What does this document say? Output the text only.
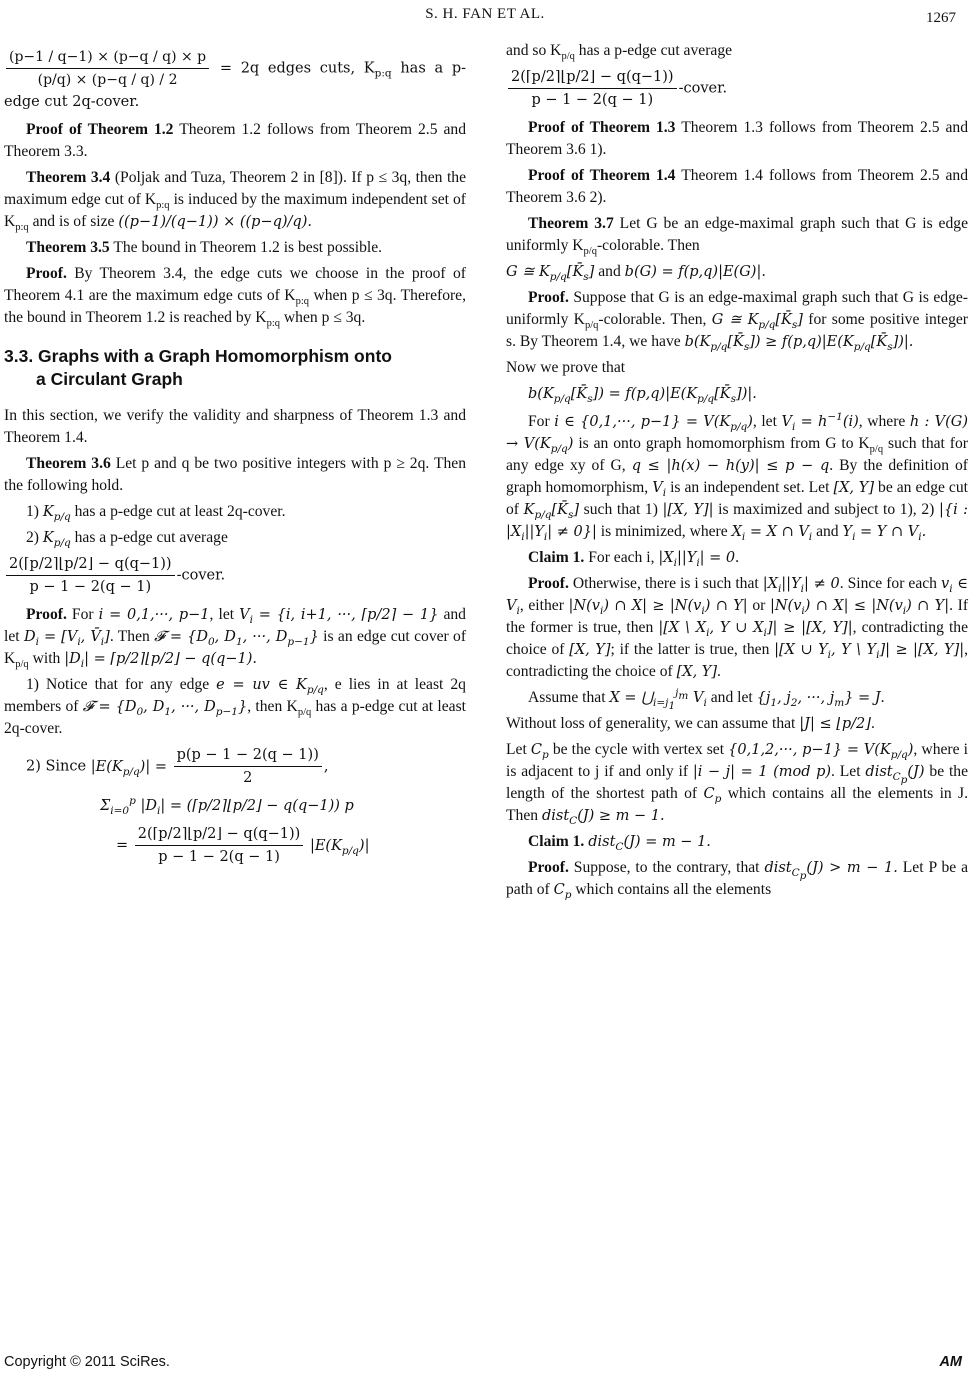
S. H. FAN ET AL.	1267
$\frac{(p-1 / q-1) \times (p-q / q) \times p}{(p/q) \times (p-q / q) / 2} = 2q$ edges cuts, $K_{p:q}$ has a p-edge cut 2q-cover.

Proof of Theorem 1.2 Theorem 1.2 follows from Theorem 2.5 and Theorem 3.3.

Theorem 3.4 (Poljak and Tuza, Theorem 2 in [8]). If p ≤ 3q, then the maximum edge cut of $K_{p:q}$ is induced by the maximum independent set of $K_{p:q}$ and is of size ((p−1)/(q−1)) × ((p−q)/q).

Theorem 3.5 The bound in Theorem 1.2 is best possible.

Proof. By Theorem 3.4, the edge cuts we choose in the proof of Theorem 4.1 are the maximum edge cuts of $K_{p:q}$ when p ≤ 3q. Therefore, the bound in Theorem 1.2 is reached by $K_{p:q}$ when p ≤ 3q.

3.3. Graphs with a Graph Homomorphism onto
a Circulant Graph

In this section, we verify the validity and sharpness of Theorem 1.3 and Theorem 1.4.

Theorem 3.6 Let p and q be two positive integers with p ≥ 2q. Then the following hold.

1) $K_{p/q}$ has a p-edge cut at least 2q-cover.

2) $K_{p/q}$ has a p-edge cut average

$\frac{2(⌈p/2⌉⌊p/2⌋ - q(q-1))}{p - 1 - 2(q - 1)}$ -cover.

Proof. For i = 0,1,···, p−1, let $V_i = \{i$, i+1, ···, ⌈p/2⌉ − 1} and let $D_i = [V_i$, $V̄_i$]. Then 𝓕 = {$D_0$, $D_1$, ···, $D_{p-1}$} is an edge cut cover of $K_{p/q}$ with $|D_i|$ = ⌈p/2⌉⌊p/2⌋ − q(q−1).

1) Notice that for any edge e = uv ∈ $K_{p/q}$, e lies in at least 2q members of 𝓕 = {$D_0$, $D_1$, ···, $D_{p-1}$}, then $K_{p/q}$ has a p-edge cut at least 2q-cover.

2) Since $|E(K_{p/q})| = \frac{p(p - 1 - 2(q - 1))}{2}$ ,
$\Sigma_{i=0}^p$ $|D_i|$ = (⌈p/2⌉⌊p/2⌋ − q(q−1)) p
= $\frac{2(⌈p/2⌉⌊p/2⌋ - q(q-1))}{p - 1 - 2(q - 1)} |E(K_{p/q})|$

and so $K_{p/q}$ has a p-edge cut average

$\frac{2(⌈p/2⌉⌊p/2⌋ - q(q-1))}{p - 1 - 2(q - 1)}$ -cover.

Proof of Theorem 1.3 Theorem 1.3 follows from Theorem 2.5 and Theorem 3.6 1).

Proof of Theorem 1.4 Theorem 1.4 follows from Theorem 2.5 and Theorem 3.6 2).

Theorem 3.7 Let G be an edge-maximal graph such that G is edge uniformly $K_{p/q}$-colorable. Then

G ≅ $K_{p/q}[K̄_s]$ and b(G) = f(p,q)|E(G)|.

Proof. Suppose that G is an edge-maximal graph such that G is edge-uniformly $K_{p/q}$-colorable. Then, G ≅ $K_{p/q}[K̄_s]$ for some positive integer s. By Theorem 1.4, we have $b(K_{p/q}[K̄_s])$ ≥ $f(p,q)|E(K_{p/q}[K̄_s])|$.

Now we prove that

$b(K_{p/q}[K̄_s])$ = $f(p,q)|E(K_{p/q}[K̄_s])|$.

For i ∈ {0,1,···, $p-1\} = V(K_{p/q})$, let $V_i = h^{-1}(i)$, where h : $V(G) \to V(K_{p/q})$ is an onto graph homomorphism from G to $K_{p/q}$ such that for any edge xy of G, q ≤ |h(x) − h(y)| ≤ p − q. By the definition of graph homomorphism, $V_i$ is an independent set. Let [X, Y] be an edge cut of $K_{p/q}[K̄_s]$ such that 1) |[X, Y]| is maximized and subject to 1), 2) |{i : $|X_i||Y_i| \ne 0\}|$ is minimized, where $X_i = X$ ∩ $V_i$ and $Y_i = Y$ ∩ $V_i$.

Claim 1. For each i, $|X_i||Y_i| = 0$.

Proof. Otherwise, there is i such that $|X_i||Y_i| \ne 0$. Since for each $v_i$ ∈ $V_i$, either $|N(v_i)$ ∩ $X| \ge |N(v_i)$ ∩ Y| or $|N(v_i)$ ∩ $X| \le |N(v_i)$ ∩ Y|. If the former is true, then |[X \ $X_i$, Y ∪ $X_i]| \ge |[X$, Y]|, contradicting the choice of [X, Y]; if the latter is true, then |[X ∪ $Y_i$, Y \ $Y_i]| \ge |[X$, Y]|, contradicting the choice of [X, Y].

Assume that $X = ⋃_{i=j_1}^{j_m}$ $V_i$ and let {$j_1$, $j_2$, ···, $j_m\} = J$.

Without loss of generality, we can assume that |J| ≤ ⌊p/2⌋.

Let $C_p$ be the cycle with vertex set {0,1,2,···, $p-1\} = V(K_{p/q})$, where i is adjacent to j if and only if |i − j| = 1 (mod p). Let dist$_{C_p}$(J) be the length of the shortest path of $C_p$ which contains all the elements in J. Then dist$_C$(J) ≥ m − 1.

Claim 1. dist$_C$(J) = m − 1.

Proof. Suppose, to the contrary, that dist$_{C_p}$(J) > m − 1. Let P be a path of $C_p$ which contains all the elements

Copyright © 2011 SciRes.	AM
